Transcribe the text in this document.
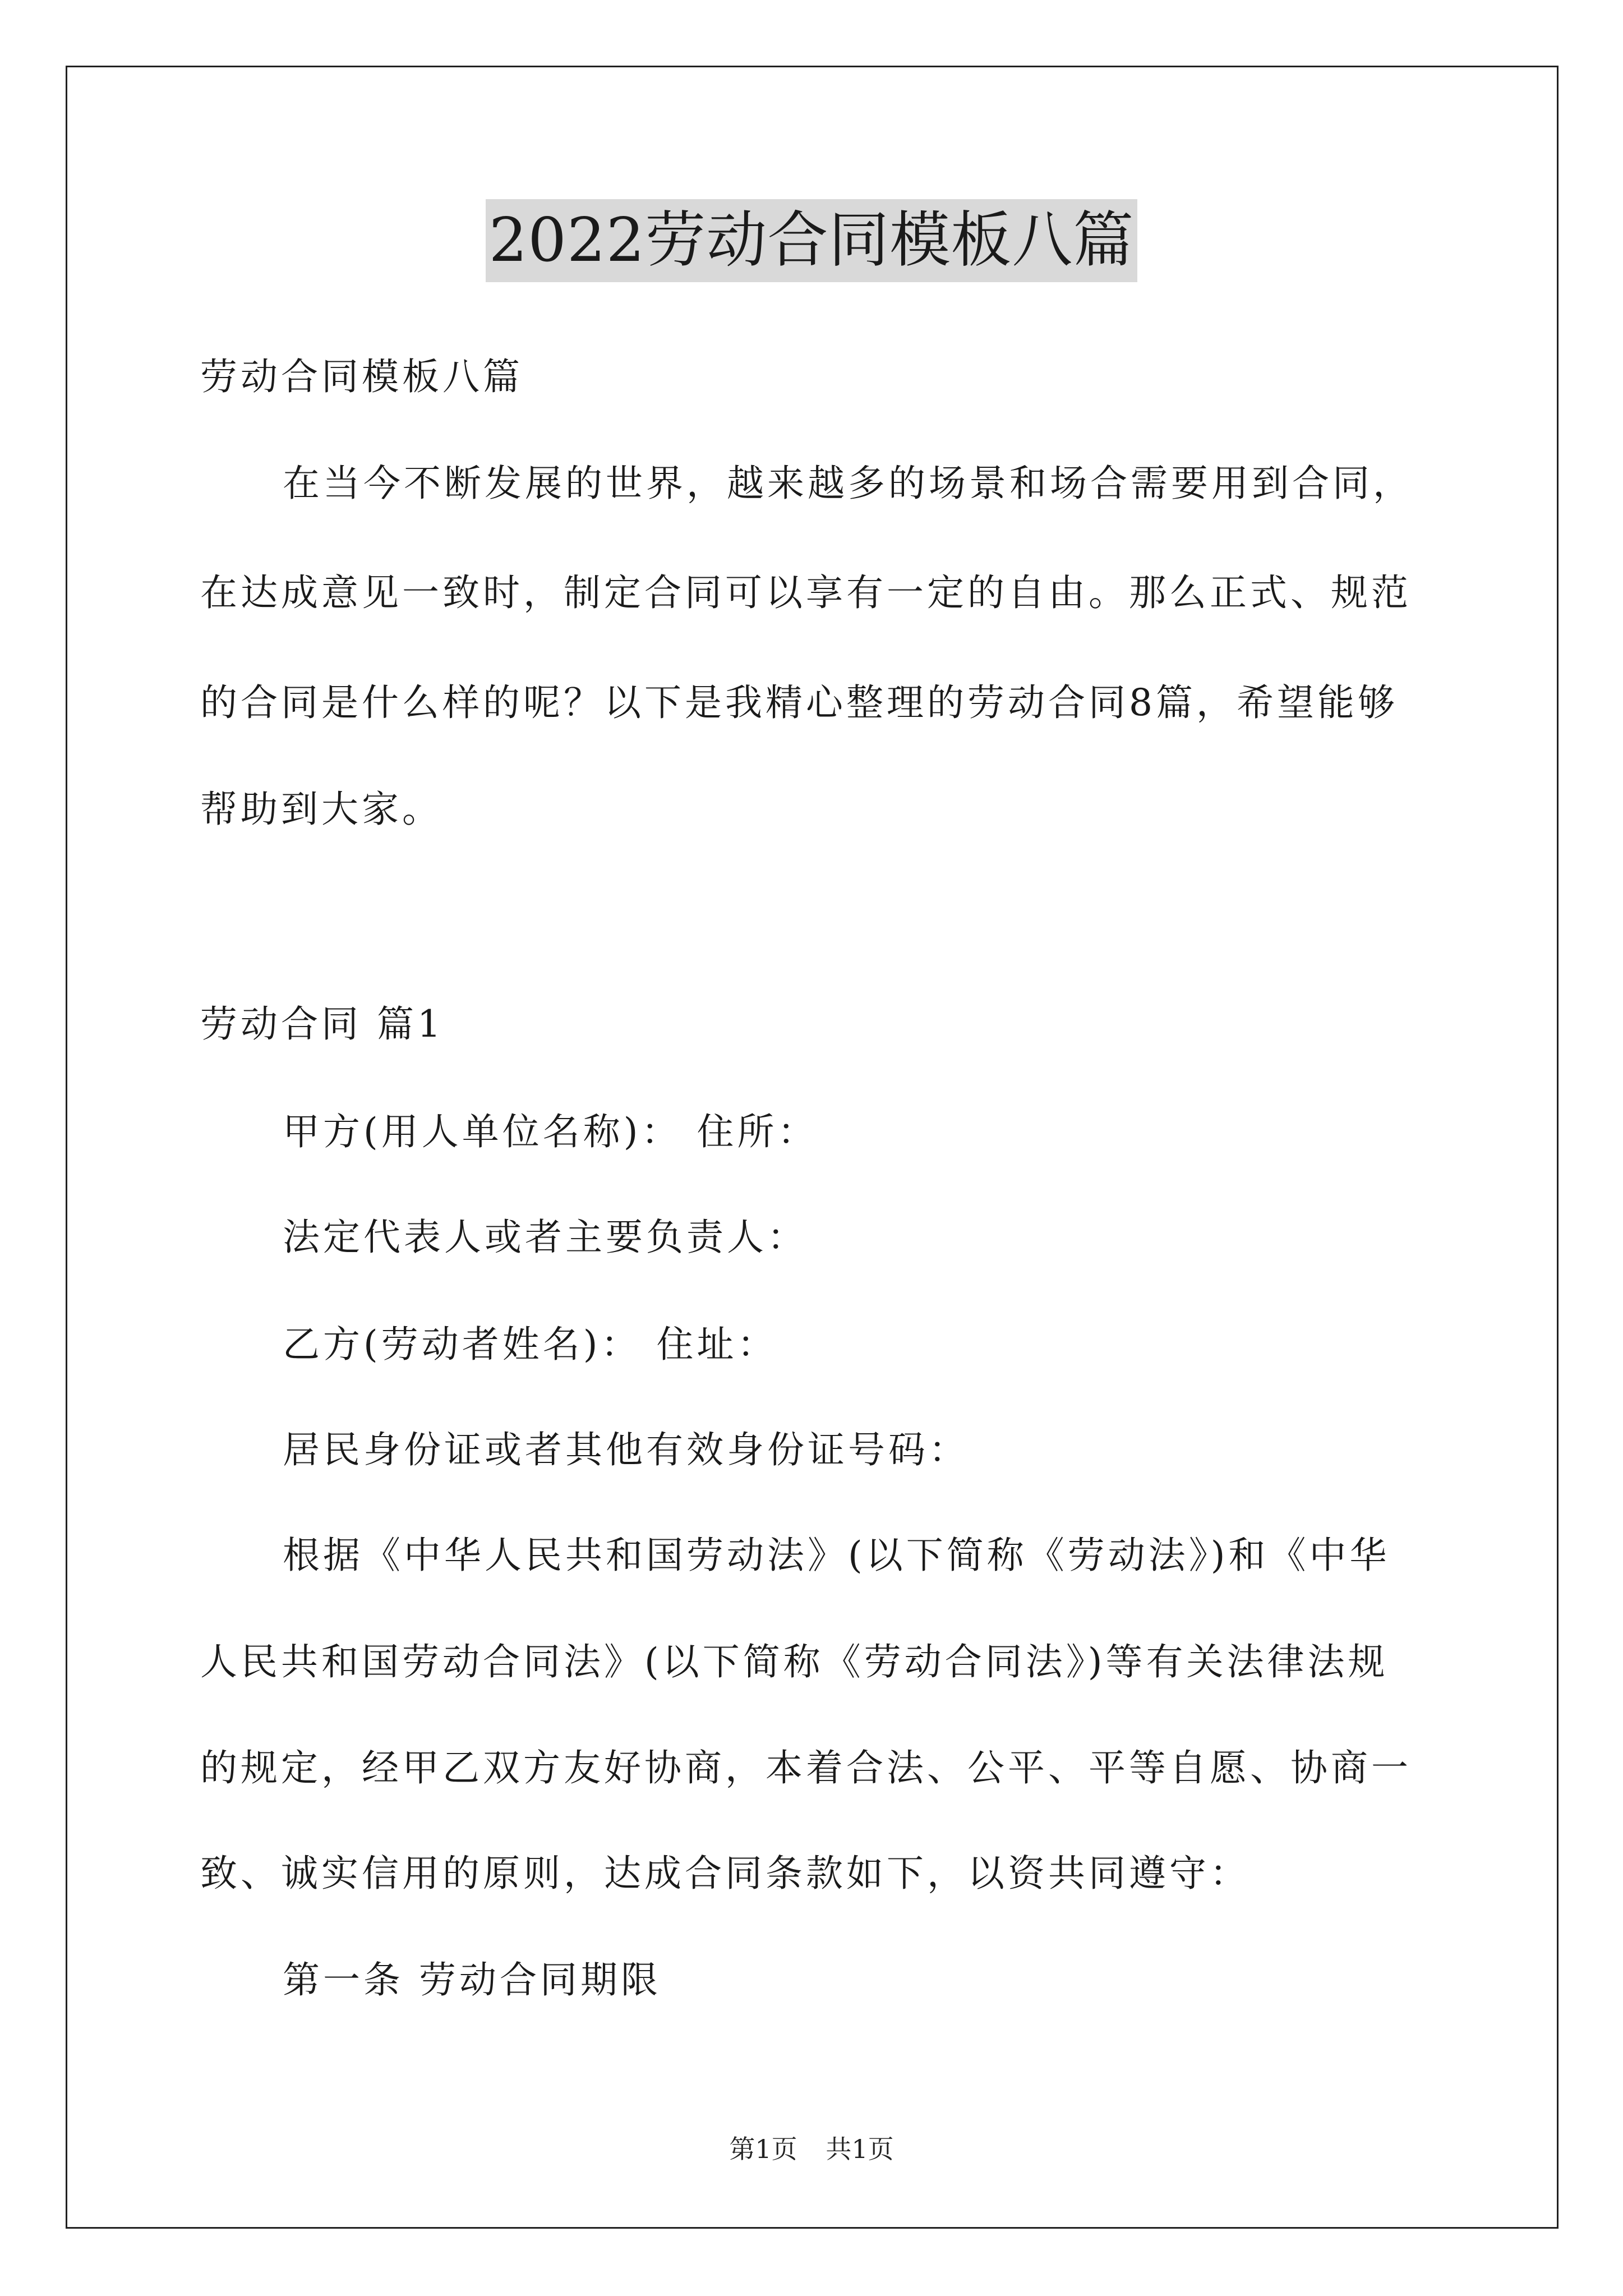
2022劳动合同模板八篇
劳动合同模板八篇
在当今不断发展的世界，越来越多的场景和场合需要用到合同，
在达成意见一致时，制定合同可以享有一定的自由。那么正式、规范
的合同是什么样的呢？以下是我精心整理的劳动合同8篇，希望能够
帮助到大家。
劳动合同 篇1
甲方(用人单位名称)： 住所：
法定代表人或者主要负责人：
乙方(劳动者姓名)： 住址：
居民身份证或者其他有效身份证号码：
根据《中华人民共和国劳动法》(以下简称《劳动法》)和《中华
人民共和国劳动合同法》(以下简称《劳动合同法》)等有关法律法规
的规定，经甲乙双方友好协商，本着合法、公平、平等自愿、协商一
致、诚实信用的原则，达成合同条款如下，以资共同遵守：
第一条 劳动合同期限
第1页 共1页
